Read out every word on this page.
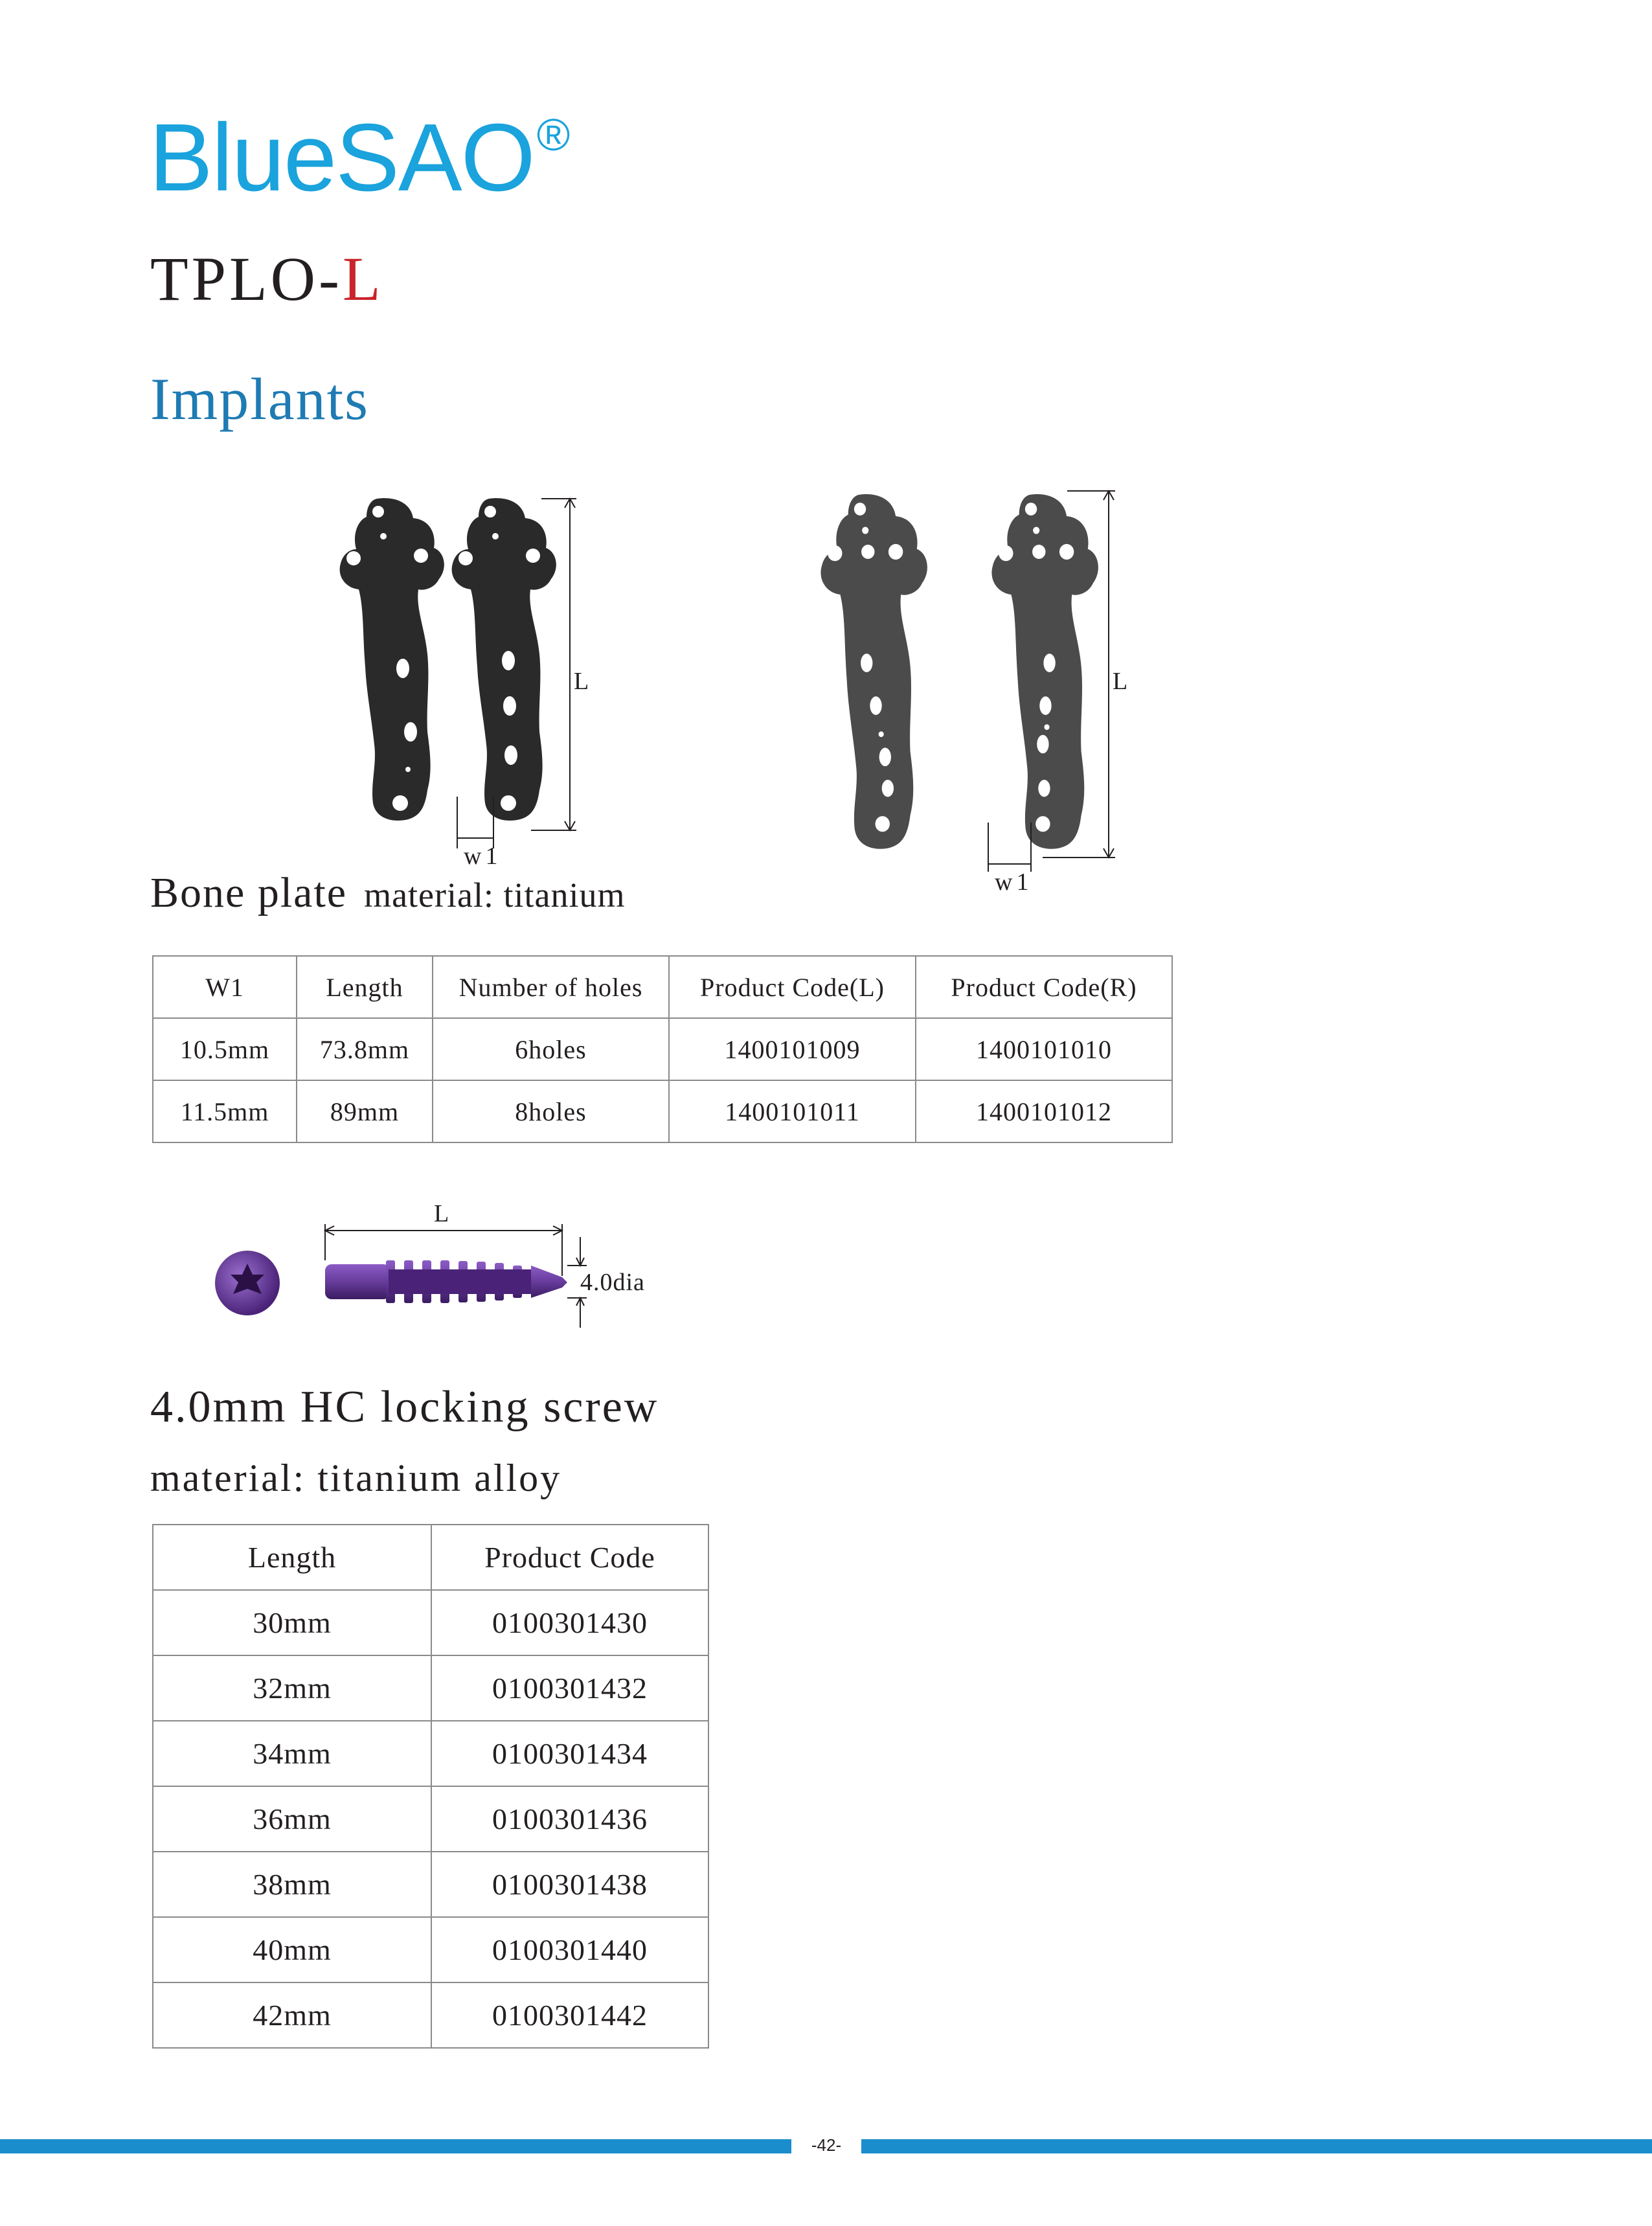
BlueSAO®
TPLO-L
Implants
L
w1
L
w1
Bone plate material: titanium
W1	Length	Number of holes	Product Code(L)	Product Code(R)
10.5mm	73.8mm	6holes	1400101009	1400101010
11.5mm	89mm	8holes	1400101011	1400101012
L
4.0dia
4.0mm HC locking screw
material: titanium alloy
Length	Product Code
30mm	0100301430
32mm	0100301432
34mm	0100301434
36mm	0100301436
38mm	0100301438
40mm	0100301440
42mm	0100301442
-42-
